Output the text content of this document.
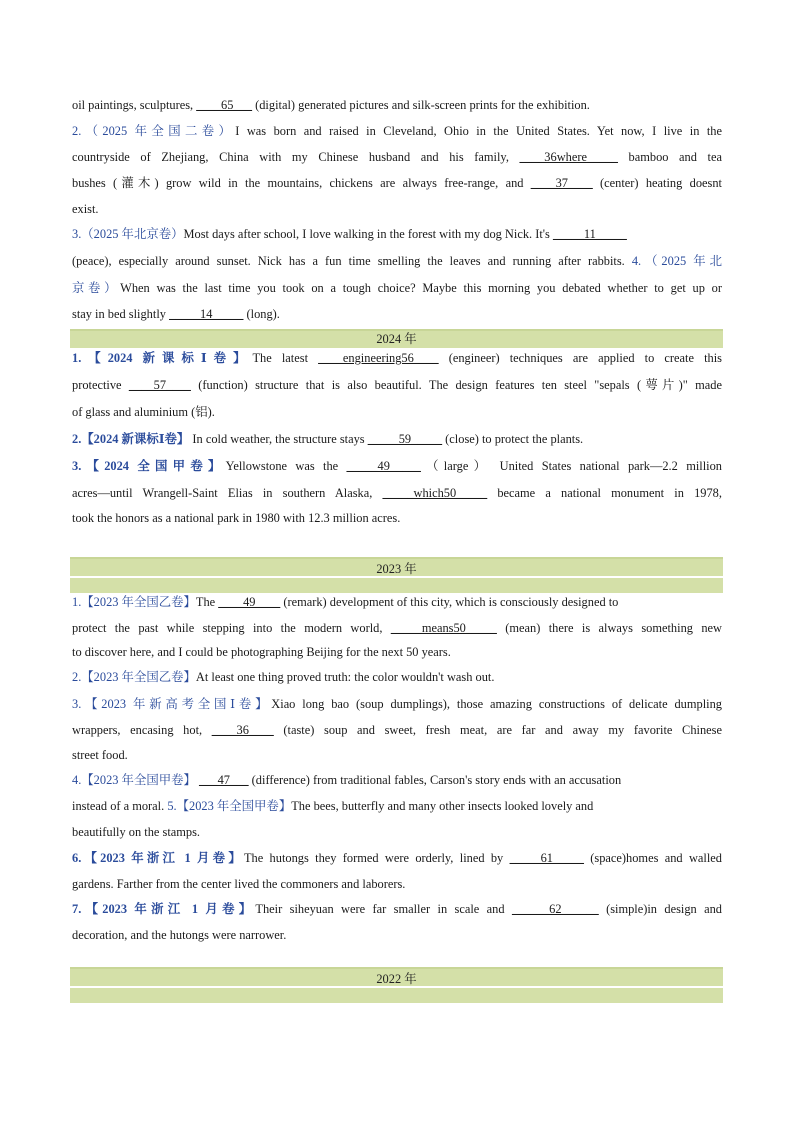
oil paintings, sculptures, ____65___ (digital) generated pictures and silk-screen prints for the exhibition.
2.（2025 年全国二卷）I was born and raised in Cleveland, Ohio in the United States. Yet now, I live in the
countryside of Zhejiang, China with my Chinese husband and his family, ____36where_____ bamboo and tea
bushes (灌木) grow wild in the mountains, chickens are always free-range, and ____37____ (center) heating doesnt
exist.
3.（2025 年北京卷）Most days after school, I love walking in the forest with my dog Nick. It's _____11_____
(peace), especially around sunset. Nick has a fun time smelling the leaves and running after rabbits. 4.（2025 年北
京卷）When was the last time you took on a tough choice? Maybe this morning you debated whether to get up or
stay in bed slightly _____14_____ (long).
2024 年
1.【2024 新课标Ⅰ卷】The latest ____engineering56____ (engineer) techniques are applied to create this
protective ____57____ (function) structure that is also beautiful. The design features ten steel "sepals (萼片)" made
of glass and aluminium (铝).
2.【2024 新课标Ⅰ卷】 In cold weather, the structure stays _____59_____ (close) to protect the plants.
3.【2024 全国甲卷】Yellowstone was the _____49_____（large） United States national park—2.2 million
acres—until Wrangell-Saint Elias in southern Alaska, _____which50_____ became a national monument in 1978,
took the honors as a national park in 1980 with 12.3 million acres.
2023 年
1.【2023 年全国乙卷】The ____49____ (remark) development of this city, which is consciously designed to
protect the past while stepping into the modern world, _____means50_____ (mean) there is always something new
to discover here, and I could be photographing Beijing for the next 50 years.
2.【2023 年全国乙卷】At least one thing proved truth: the color wouldn't wash out.
3.【2023 年新高考全国Ⅰ卷】Xiao long bao (soup dumplings), those amazing constructions of delicate dumpling
wrappers, encasing hot, ____36____ (taste) soup and sweet, fresh meat, are far and away my favorite Chinese
street food.
4.【2023 年全国甲卷】 ___47___ (difference) from traditional fables, Carson's story ends with an accusation
instead of a moral. 5.【2023 年全国甲卷】The bees, butterfly and many other insects looked lovely and
beautifully on the stamps.
6.【2023 年浙江 1 月卷】The hutongs they formed were orderly, lined by _____61_____ (space)homes and walled
gardens. Farther from the center lived the commoners and laborers.
7.【2023 年浙江 1 月卷】Their siheyuan were far smaller in scale and ______62______ (simple)in design and
decoration, and the hutongs were narrower.
2022 年
